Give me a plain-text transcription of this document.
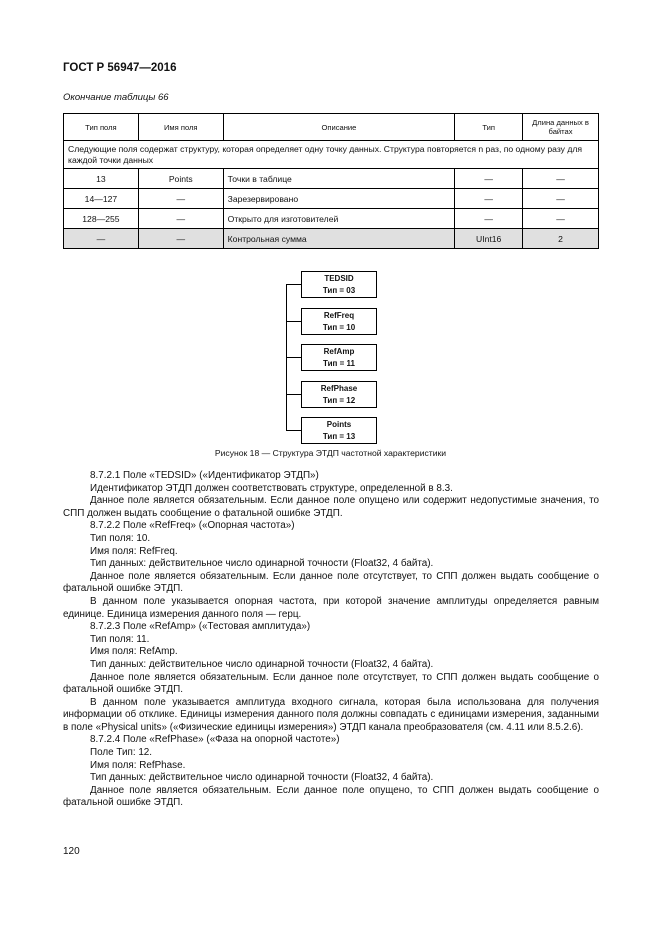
ГОСТ Р 56947—2016
Окончание таблицы 66
Тип поля	Имя поля	Описание	Тип	Длина данных в байтах
Следующие поля содержат структуру, которая определяет одну точку данных. Структура повторяется n раз, по одному разу для каждой точки данных				
13	Points	Точки в таблице	—	—
14—127	—	Зарезервировано	—	—
128—255	—	Открыто для изготовителей	—	—
—	—	Контрольная сумма	UInt16	2
TEDSID
Тип = 03
RefFreq
Тип = 10
RefAmp
Тип = 11
RefPhase
Тип = 12
Points
Тип = 13
Рисунок 18 — Структура ЭТДП частотной характеристики

8.7.2.1 Поле «TEDSID» («Идентификатор ЭТДП»)

Идентификатор ЭТДП должен соответствовать структуре, определенной в 8.3.

Данное поле является обязательным. Если данное поле опущено или содержит недопустимые значения, то СПП должен выдать сообщение о фатальной ошибке ЭТДП.

8.7.2.2 Поле «RefFreq» («Опорная частота»)

Тип поля: 10.

Имя поля: RefFreq.

Тип данных: действительное число одинарной точности (Float32, 4 байта).

Данное поле является обязательным. Если данное поле отсутствует, то СПП должен выдать сообщение о фатальной ошибке ЭТДП.

В данном поле указывается опорная частота, при которой значение амплитуды определяется равным единице. Единица измерения данного поля — герц.

8.7.2.3 Поле «RefAmp» («Тестовая амплитуда»)

Тип поля: 11.

Имя поля: RefAmp.

Тип данных: действительное число одинарной точности (Float32, 4 байта).

Данное поле является обязательным. Если данное поле отсутствует, то СПП должен выдать сообщение о фатальной ошибке ЭТДП.

В данном поле указывается амплитуда входного сигнала, которая была использована для получения информации об отклике. Единицы измерения данного поля должны совпадать с единицами измерения, заданными в поле «Physical units» («Физические единицы измерения») ЭТДП канала преобразователя (см. 4.11 или 8.5.2.6).

8.7.2.4 Поле «RefPhase» («Фаза на опорной частоте»)

Поле Тип: 12.

Имя поля: RefPhase.

Тип данных: действительное число одинарной точности (Float32, 4 байта).

Данное поле является обязательным. Если данное поле опущено, то СПП должен выдать сообщение о фатальной ошибке ЭТДП.

120
